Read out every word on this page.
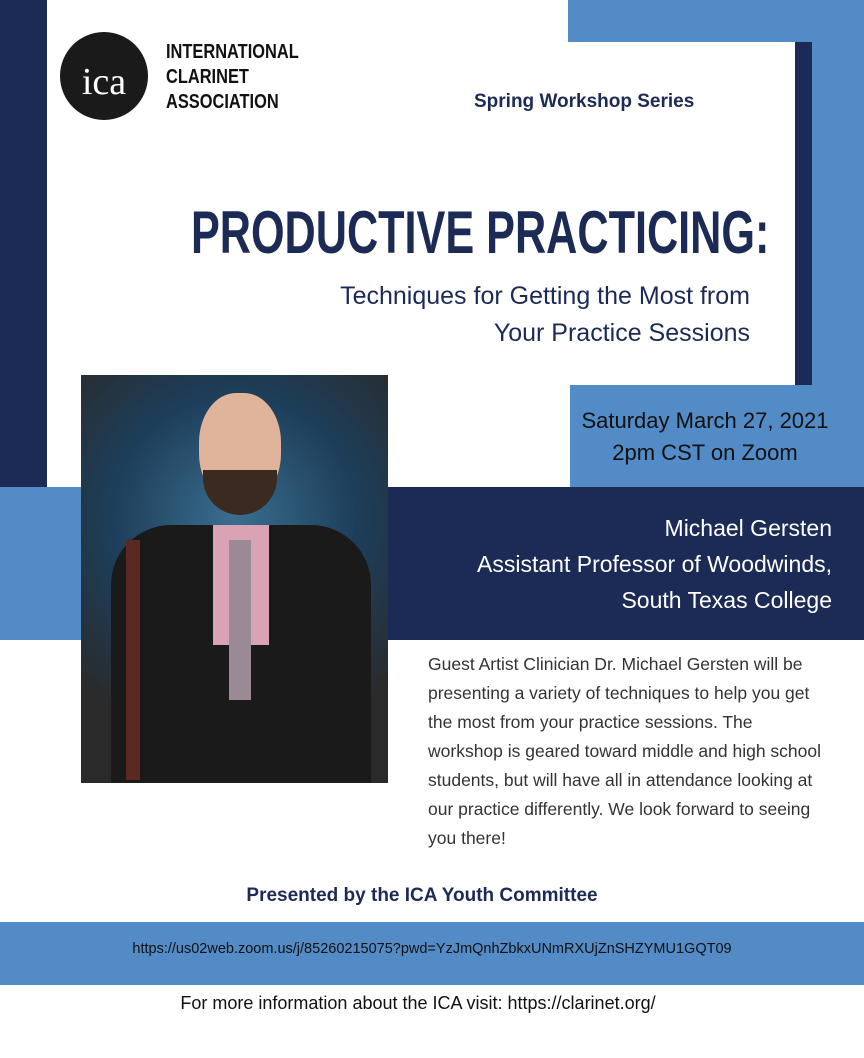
ica
INTERNATIONAL
CLARINET
ASSOCIATION	Spring Workshop Series
PRODUCTIVE PRACTICING:
Techniques for Getting the Most from
Your Practice Sessions
Saturday March 27, 2021
2pm CST on Zoom
Michael Gersten
Assistant Professor of Woodwinds,
South Texas College
Guest Artist Clinician Dr. Michael Gersten will be presenting a variety of techniques to help you get the most from your practice sessions. The workshop is geared toward middle and high school students, but will have all in attendance looking at our practice differently. We look forward to seeing you there!
Presented by the ICA Youth Committee
https://us02web.zoom.us/j/85260215075?pwd=YzJmQnhZbkxUNmRXUjZnSHZYMU1GQT09
For more information about the ICA visit: https://clarinet.org/
